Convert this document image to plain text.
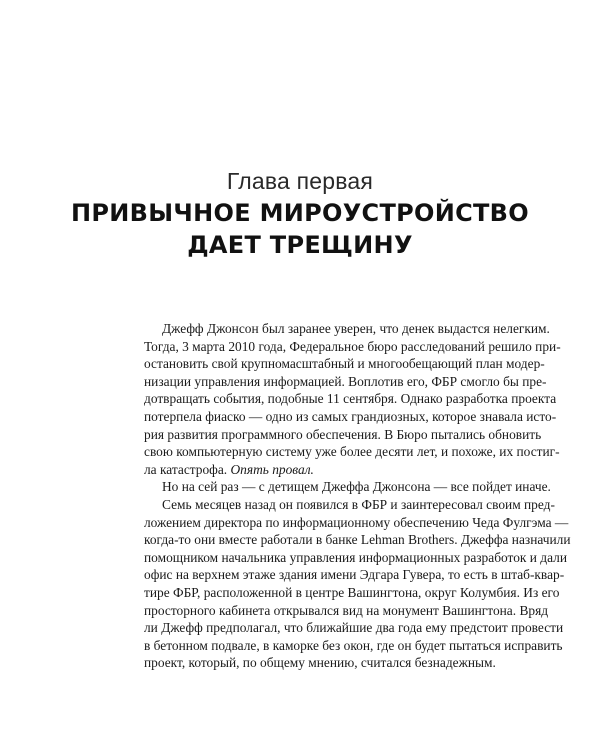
Глава первая
ПРИВЫЧНОЕ МИРОУСТРОЙСТВО
ДАЕТ ТРЕЩИНУ
Джефф Джонсон был заранее уверен, что денек выдастся нелегким.
Тогда, 3 марта 2010 года, Федеральное бюро расследований решило при-
остановить свой крупномасштабный и многообещающий план модер-
низации управления информацией. Воплотив его, ФБР смогло бы пре-
дотвращать события, подобные 11 сентября. Однако разработка проекта
потерпела фиаско — одно из самых грандиозных, которое знавала исто-
рия развития программного обеспечения. В Бюро пытались обновить
свою компьютерную систему уже более десяти лет, и похоже, их постиг-
ла катастрофа. Опять провал.
Но на сей раз — с детищем Джеффа Джонсона — все пойдет иначе.
Семь месяцев назад он появился в ФБР и заинтересовал своим пред-
ложением директора по информационному обеспечению Чеда Фулгэма —
когда-то они вместе работали в банке Lehman Brothers. Джеффа назначили
помощником начальника управления информационных разработок и дали
офис на верхнем этаже здания имени Эдгара Гувера, то есть в штаб-квар-
тире ФБР, расположенной в центре Вашингтона, округ Колумбия. Из его
просторного кабинета открывался вид на монумент Вашингтона. Вряд
ли Джефф предполагал, что ближайшие два года ему предстоит провести
в бетонном подвале, в каморке без окон, где он будет пытаться исправить
проект, который, по общему мнению, считался безнадежным.
